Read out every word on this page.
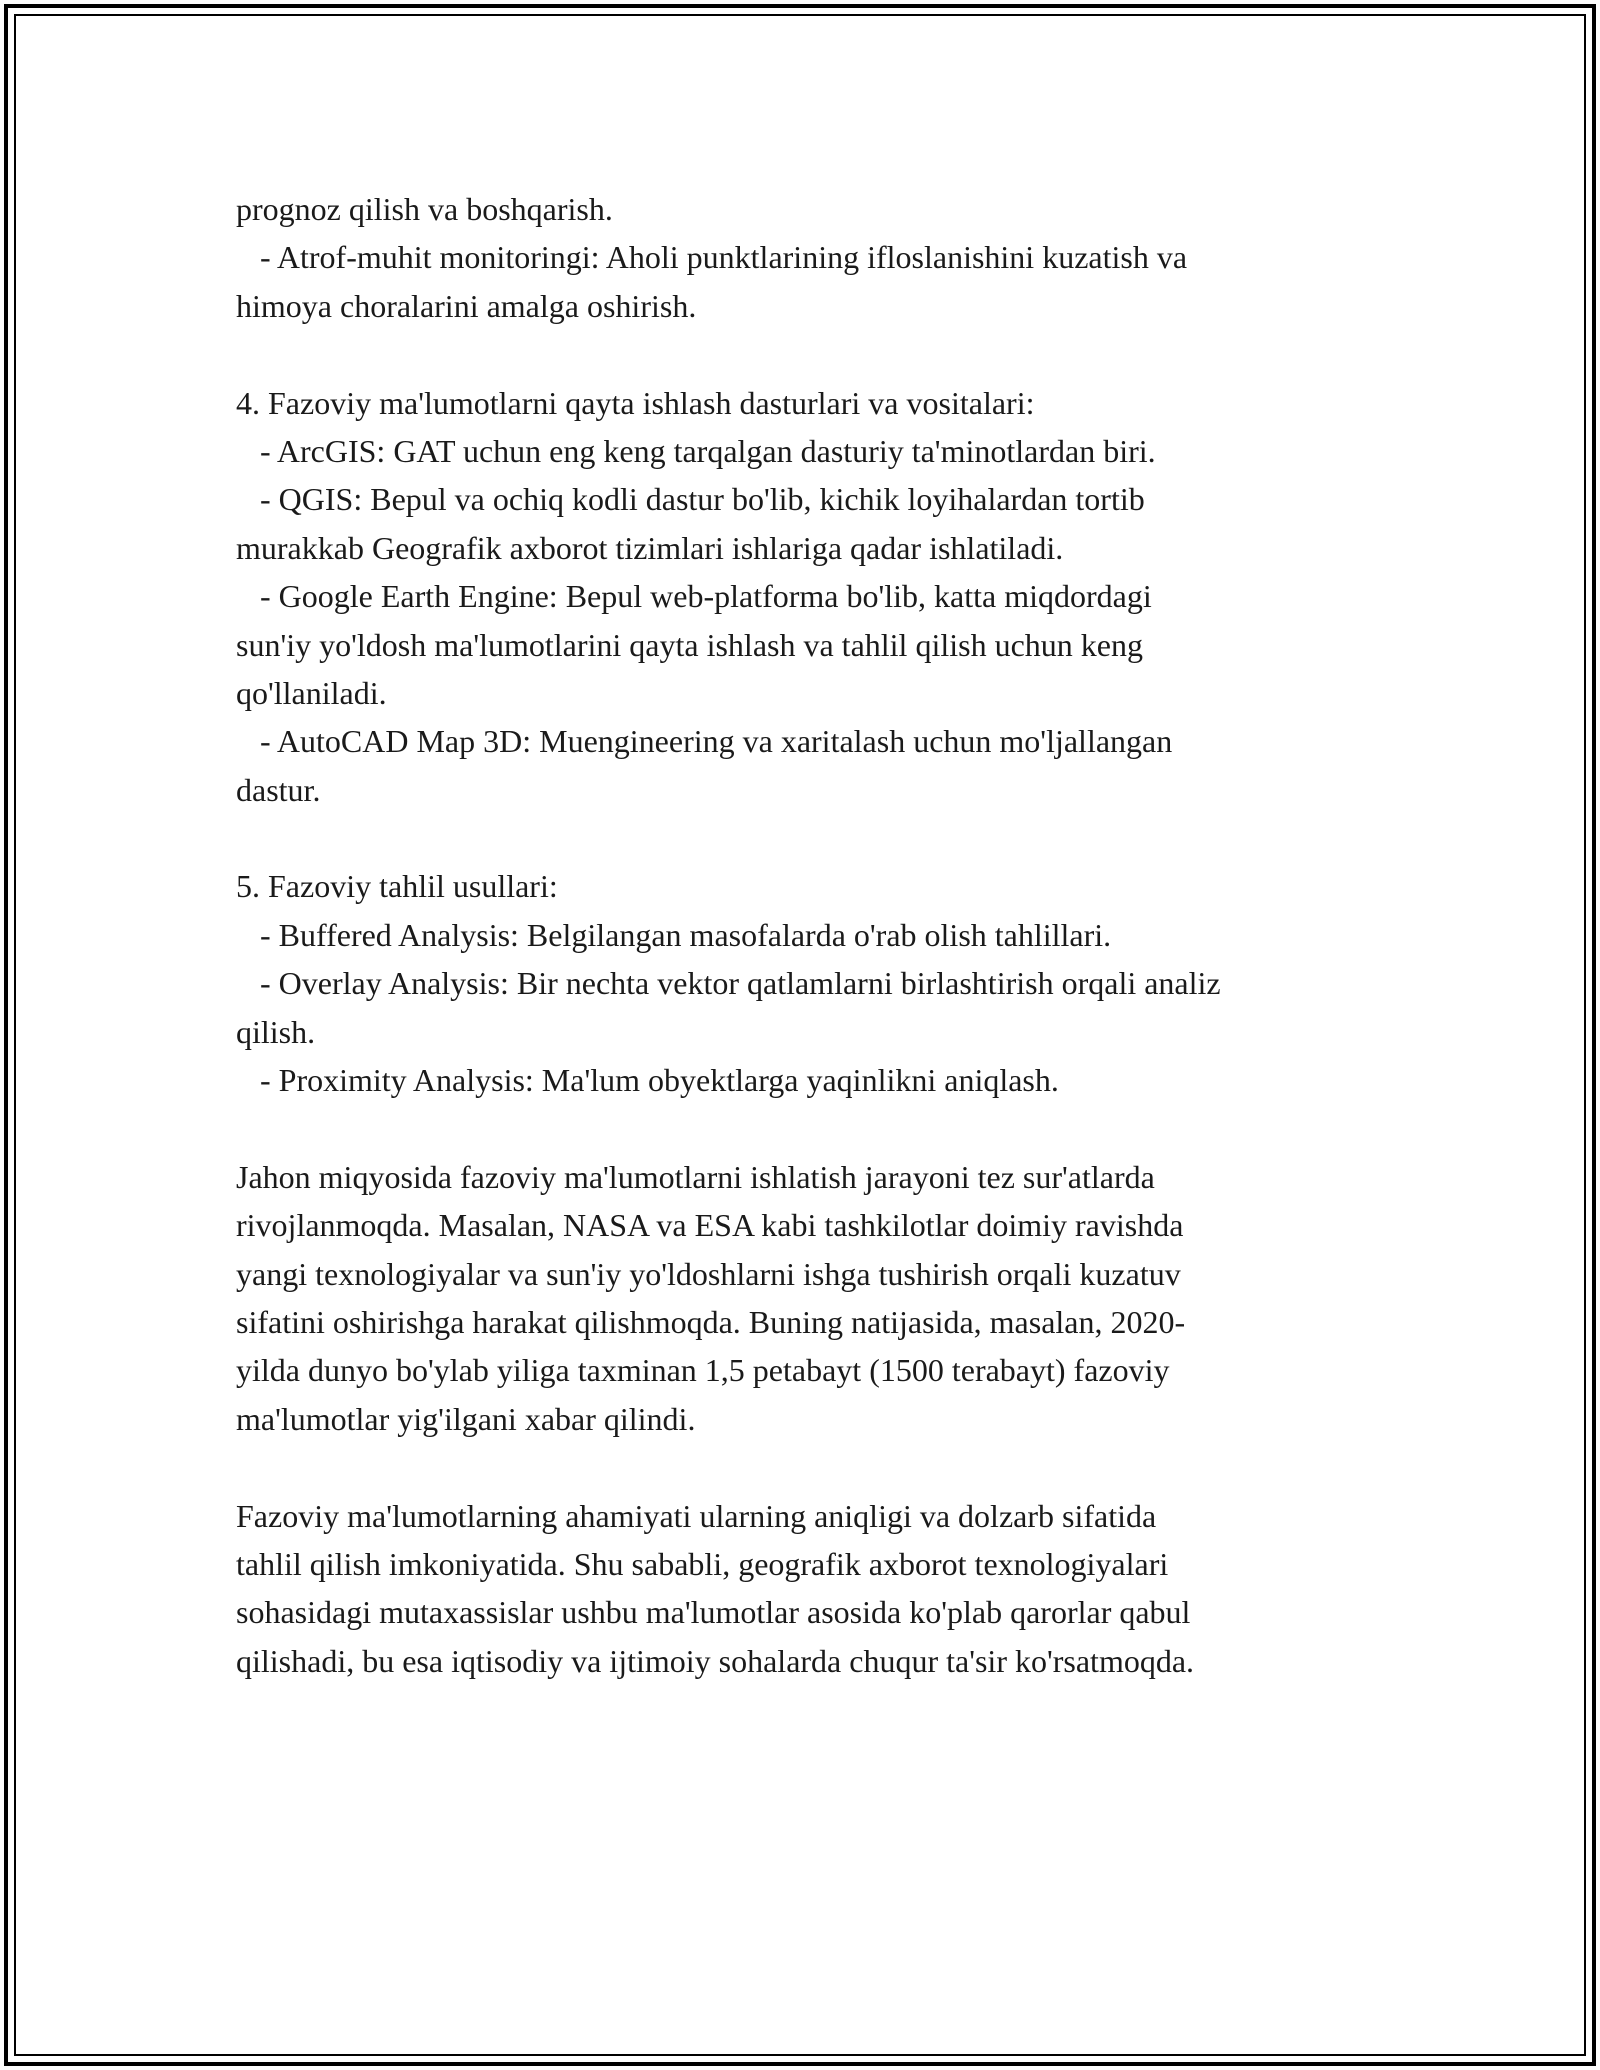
prognoz qilish va boshqarish.
- Atrof-muhit monitoringi: Aholi punktlarining ifloslanishini kuzatish va
himoya choralarini amalga oshirish.
4. Fazoviy ma'lumotlarni qayta ishlash dasturlari va vositalari:
- ArcGIS: GAT uchun eng keng tarqalgan dasturiy ta'minotlardan biri.
- QGIS: Bepul va ochiq kodli dastur bo'lib, kichik loyihalardan tortib
murakkab Geografik axborot tizimlari ishlariga qadar ishlatiladi.
- Google Earth Engine: Bepul web-platforma bo'lib, katta miqdordagi
sun'iy yo'ldosh ma'lumotlarini qayta ishlash va tahlil qilish uchun keng
qo'llaniladi.
- AutoCAD Map 3D: Muengineering va xaritalash uchun mo'ljallangan
dastur.
5. Fazoviy tahlil usullari:
- Buffered Analysis: Belgilangan masofalarda o'rab olish tahlillari.
- Overlay Analysis: Bir nechta vektor qatlamlarni birlashtirish orqali analiz
qilish.
- Proximity Analysis: Ma'lum obyektlarga yaqinlikni aniqlash.
Jahon miqyosida fazoviy ma'lumotlarni ishlatish jarayoni tez sur'atlarda
rivojlanmoqda. Masalan, NASA va ESA kabi tashkilotlar doimiy ravishda
yangi texnologiyalar va sun'iy yo'ldoshlarni ishga tushirish orqali kuzatuv
sifatini oshirishga harakat qilishmoqda. Buning natijasida, masalan, 2020-
yilda dunyo bo'ylab yiliga taxminan 1,5 petabayt (1500 terabayt) fazoviy
ma'lumotlar yig'ilgani xabar qilindi.
Fazoviy ma'lumotlarning ahamiyati ularning aniqligi va dolzarb sifatida
tahlil qilish imkoniyatida. Shu sababli, geografik axborot texnologiyalari
sohasidagi mutaxassislar ushbu ma'lumotlar asosida ko'plab qarorlar qabul
qilishadi, bu esa iqtisodiy va ijtimoiy sohalarda chuqur ta'sir ko'rsatmoqda.
